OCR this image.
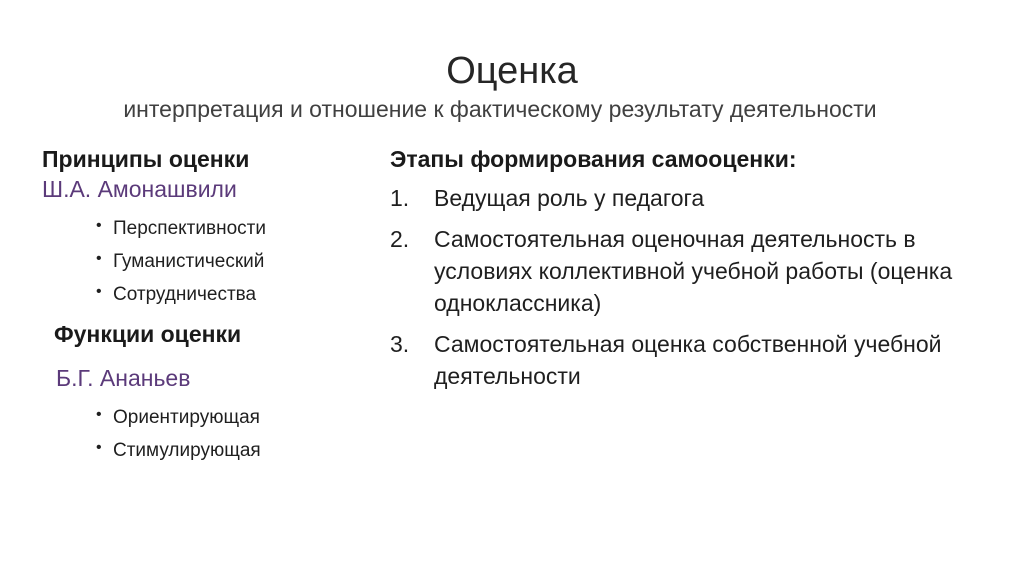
Оценка
интерпретация и отношение к фактическому результату деятельности
Принципы оценки
Ш.А. Амонашвили
• Перспективности
• Гуманистический
• Сотрудничества
Функции оценки
Б.Г. Ананьев
• Ориентирующая
• Стимулирующая
Этапы формирования самооценки:
1. Ведущая роль у педагога
2. Самостоятельная оценочная деятельность в условиях коллективной учебной работы (оценка одноклассника)
3. Самостоятельная оценка собственной учебной деятельности
